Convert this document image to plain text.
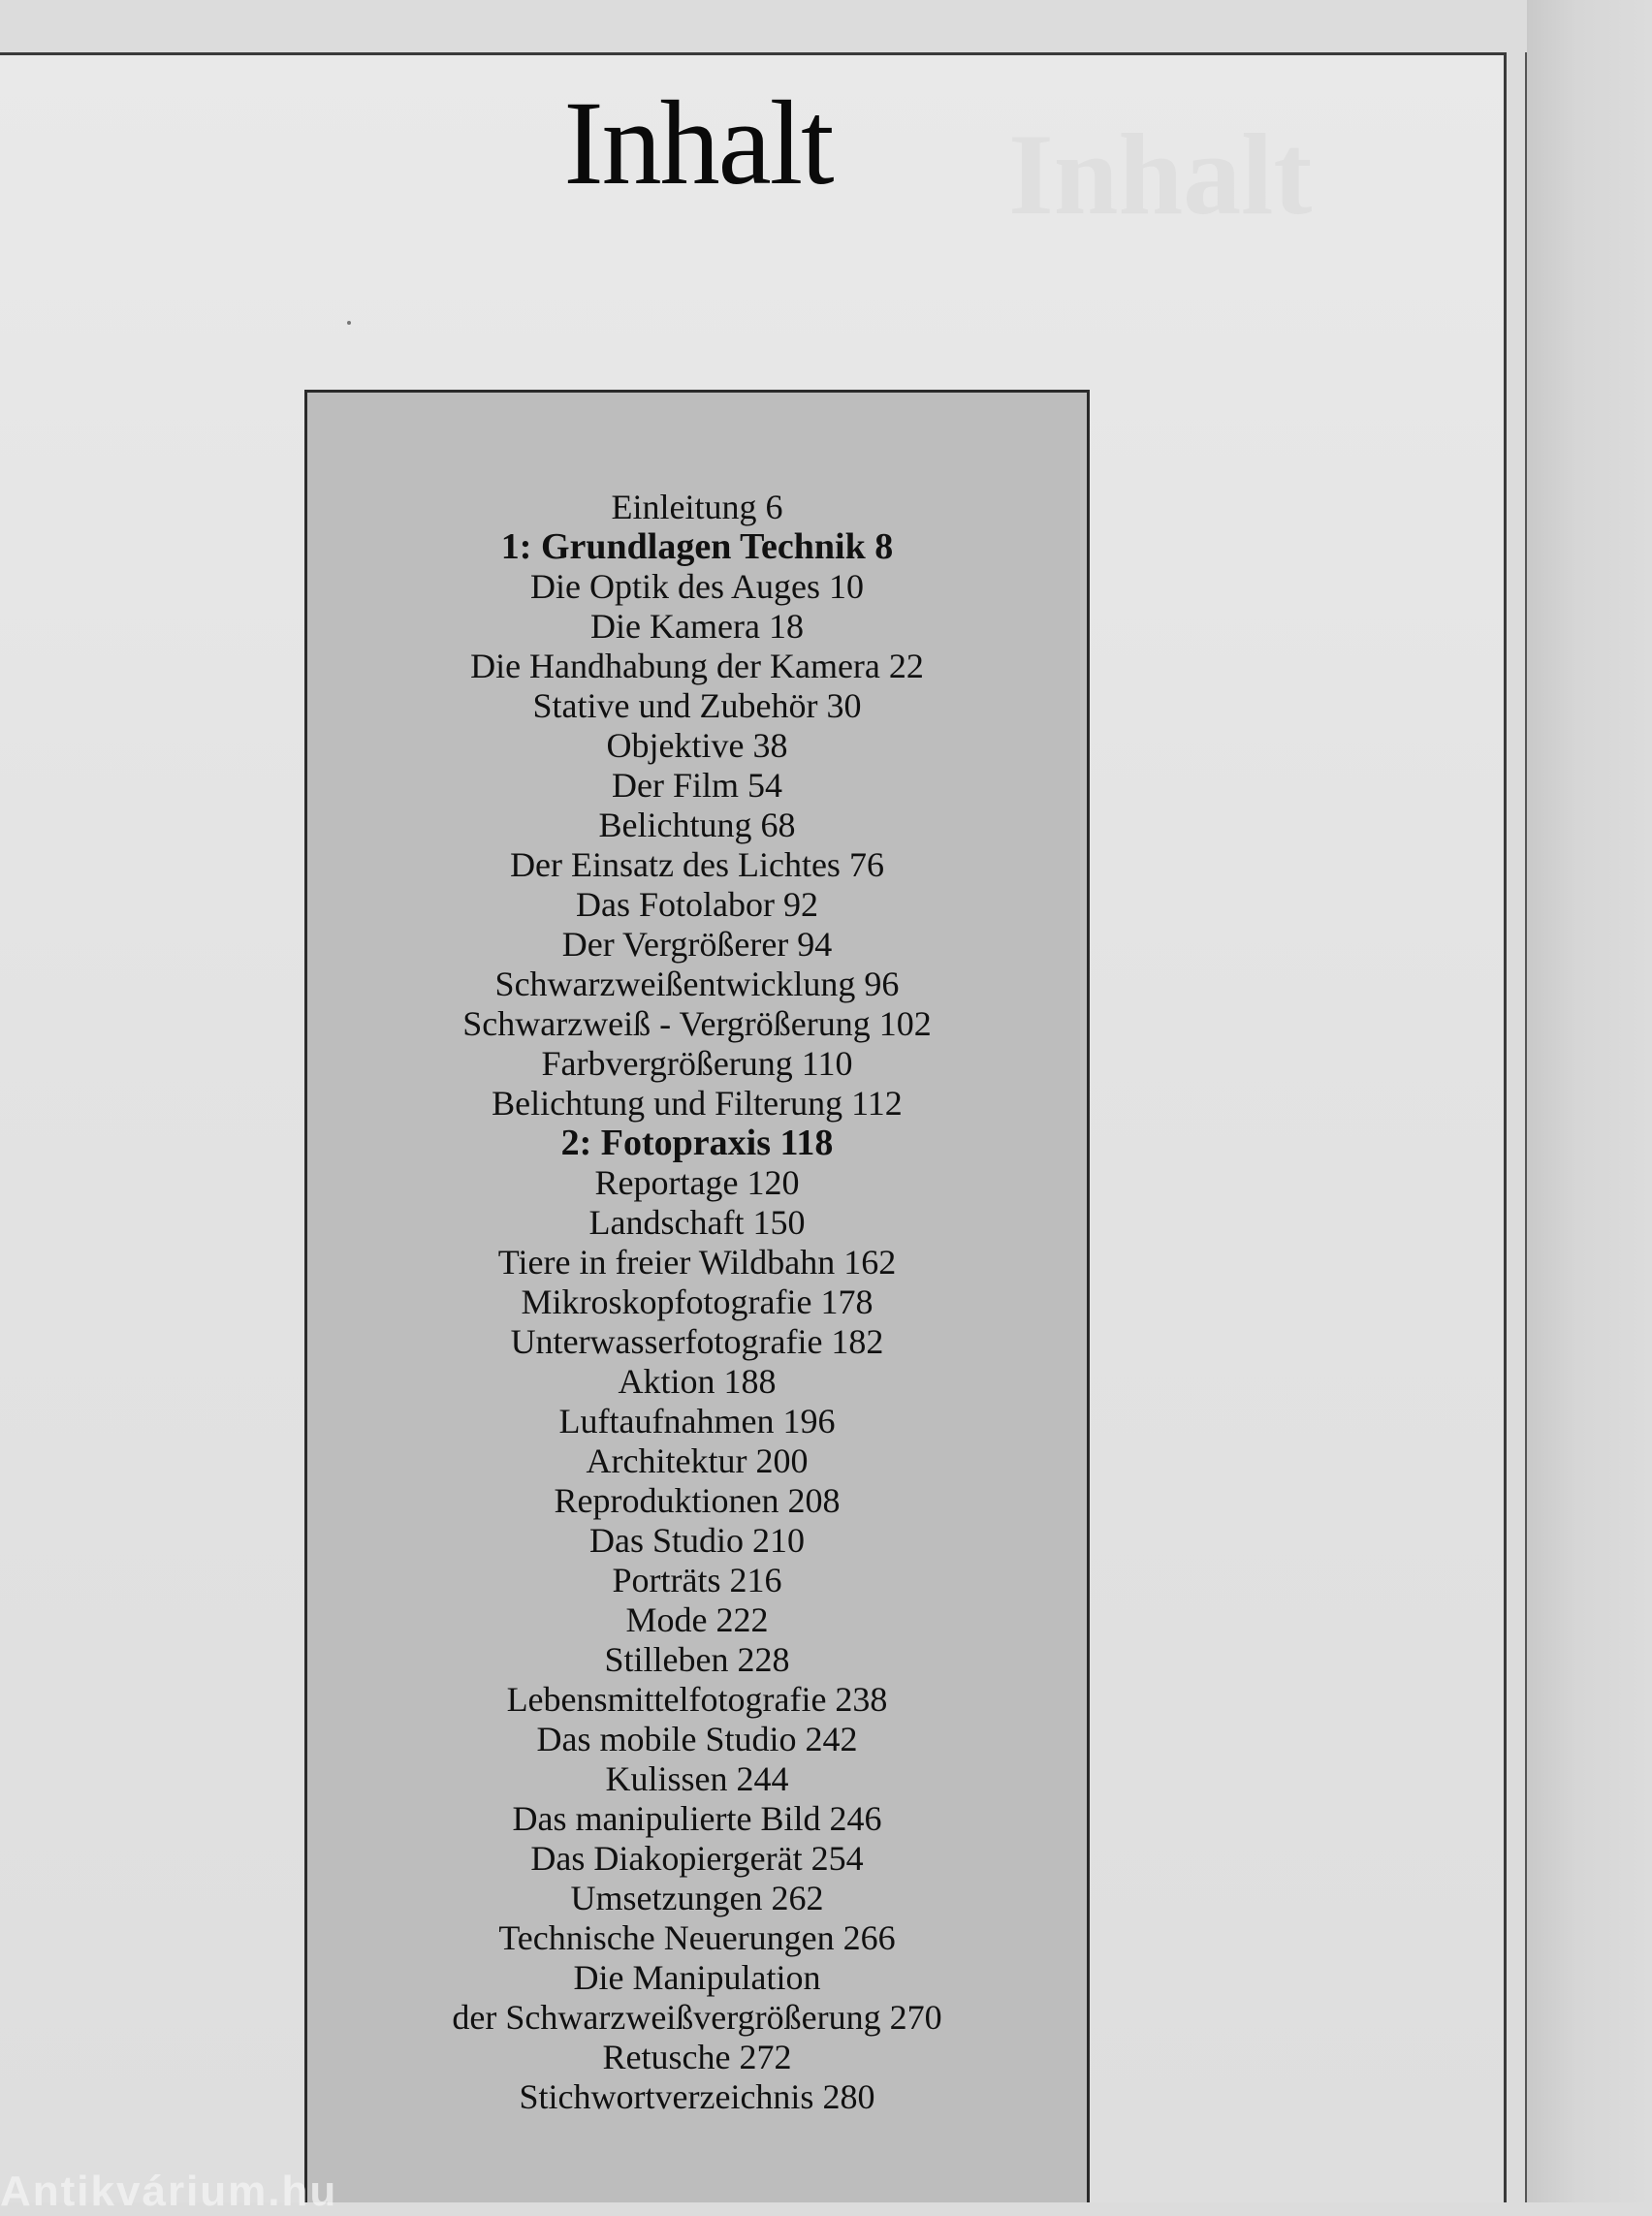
Inhalt
Inhalt
Einleitung 6
1: Grundlagen Technik 8
Die Optik des Auges 10
Die Kamera 18
Die Handhabung der Kamera 22
Stative und Zubehör 30
Objektive 38
Der Film 54
Belichtung 68
Der Einsatz des Lichtes 76
Das Fotolabor 92
Der Vergrößerer 94
Schwarzweißentwicklung 96
Schwarzweiß - Vergrößerung 102
Farbvergrößerung 110
Belichtung und Filterung 112
2: Fotopraxis 118
Reportage 120
Landschaft 150
Tiere in freier Wildbahn 162
Mikroskopfotografie 178
Unterwasserfotografie 182
Aktion 188
Luftaufnahmen 196
Architektur 200
Reproduktionen 208
Das Studio 210
Porträts 216
Mode 222
Stilleben 228
Lebensmittelfotografie 238
Das mobile Studio 242
Kulissen 244
Das manipulierte Bild 246
Das Diakopiergerät 254
Umsetzungen 262
Technische Neuerungen 266
Die Manipulation
der Schwarzweißvergrößerung 270
Retusche 272
Stichwortverzeichnis 280
Antikvárium.hu
